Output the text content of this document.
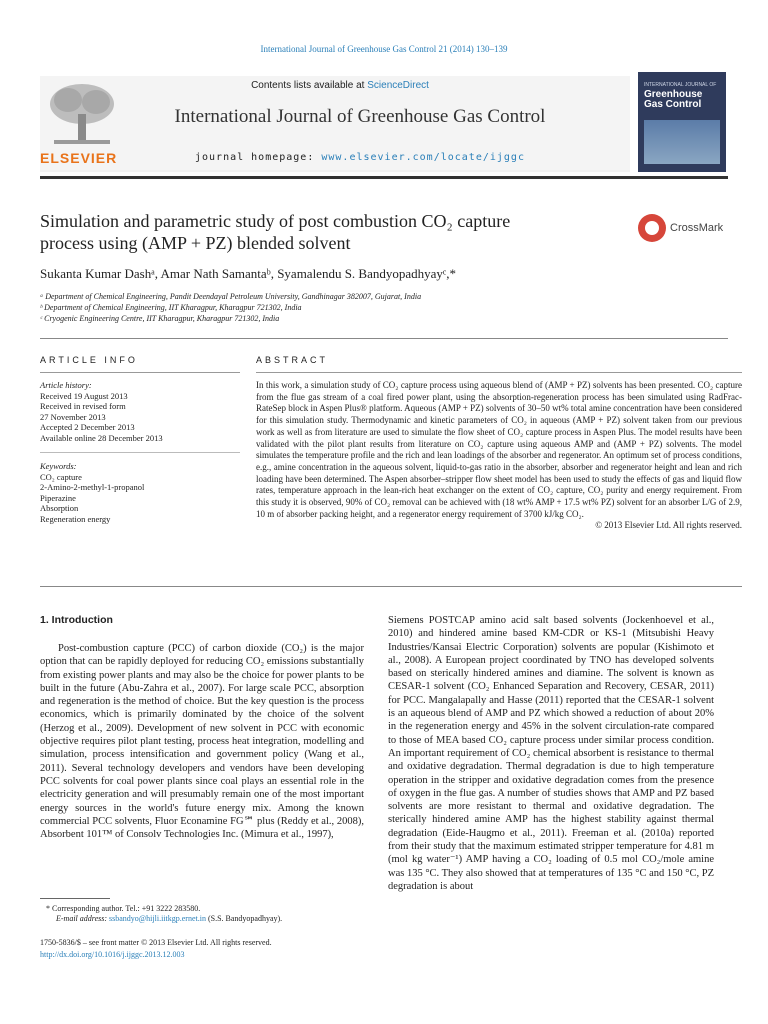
International Journal of Greenhouse Gas Control 21 (2014) 130–139
Contents lists available at ScienceDirect
International Journal of Greenhouse Gas Control
journal homepage: www.elsevier.com/locate/ijggc
ELSEVIER
INTERNATIONAL JOURNAL OF
Greenhouse
Gas Control
Simulation and parametric study of post combustion CO₂ capture
process using (AMP + PZ) blended solvent
CrossMark
Sukanta Kumar Dashᵃ, Amar Nath Samantaᵇ, Syamalendu S. Bandyopadhyayᶜ,*
ᵃ Department of Chemical Engineering, Pandit Deendayal Petroleum University, Gandhinagar 382007, Gujarat, India
ᵇ Department of Chemical Engineering, IIT Kharagpur, Kharagpur 721302, India
ᶜ Cryogenic Engineering Centre, IIT Kharagpur, Kharagpur 721302, India
ARTICLE INFO
Article history:
Received 19 August 2013
Received in revised form
27 November 2013
Accepted 2 December 2013
Available online 28 December 2013
Keywords:
CO₂ capture
2-Amino-2-methyl-1-propanol
Piperazine
Absorption
Regeneration energy
ABSTRACT
In this work, a simulation study of CO₂ capture process using aqueous blend of (AMP + PZ) solvents has been presented. CO₂ capture from the flue gas stream of a coal fired power plant, using the absorption-regeneration process has been simulated using RadFrac-RateSep block in Aspen Plus® platform. Aqueous (AMP + PZ) solvents of 30–50 wt% total amine concentration have been considered for this simulation study. Thermodynamic and kinetic parameters of CO₂ in aqueous (AMP + PZ) solvent taken from our previous work as well as from literature are used to simulate the flow sheet of CO₂ capture process in Aspen Plus. The model results have been validated with the pilot plant results from literature on CO₂ capture using aqueous AMP and (AMP + PZ) solvents. The model simulates the temperature profile and the rich and lean loadings of the absorber and regenerator. An optimum set of process conditions, e.g., amine concentration in the aqueous solvent, liquid-to-gas ratio in the absorber, absorber and regenerator height and lean and rich loading have been determined. The Aspen absorber–stripper flow sheet model has been used to study the effects of gas and liquid flow rates, temperature approach in the lean-rich heat exchanger on the extent of CO₂ capture, CO₂ purity and energy requirement. From this study it is observed, 90% of CO₂ removal can be achieved with (18 wt% AMP + 17.5 wt% PZ) solvent for an absorber L/G of 2.9, 10 m of absorber packing height, and a regenerator energy requirement of 3700 kJ/kg CO₂.
© 2013 Elsevier Ltd. All rights reserved.
1. Introduction
Post-combustion capture (PCC) of carbon dioxide (CO₂) is the major option that can be rapidly deployed for reducing CO₂ emissions substantially from existing power plants and may also be the choice for power plants to be built in the future (Abu-Zahra et al., 2007). For large scale PCC, absorption and regeneration is the method of choice. But the key question is the process economics, which is primarily dominated by the choice of the solvent (Herzog et al., 2009). Development of new solvent in PCC with economic objective requires pilot plant testing, process heat integration, modelling and simulation, process intensification and government policy (Wang et al., 2011). Several technology developers and vendors have been developing PCC solvents for coal power plants since coal plays an essential role in the electricity generation and will presumably remain one of the most important energy sources in the world's future energy mix. Among the known commercial PCC solvents, Fluor Econamine FG℠ plus (Reddy et al., 2008), Absorbent 101™ of Consolv Technologies Inc. (Mimura et al., 1997),
Siemens POSTCAP amino acid salt based solvents (Jockenhoevel et al., 2010) and hindered amine based KM-CDR or KS-1 (Mitsubishi Heavy Industries/Kansai Electric Corporation) solvents are popular (Kishimoto et al., 2008). A European project coordinated by TNO has developed solvents based on sterically hindered amines and diamine. The solvent is known as CESAR-1 solvent (CO₂ Enhanced Separation and Recovery, CESAR, 2011) for PCC. Mangalapally and Hasse (2011) reported that the CESAR-1 solvent is an aqueous blend of AMP and PZ which showed a reduction of about 20% in the regeneration energy and 45% in the solvent circulation-rate compared to those of MEA based CO₂ capture process under similar process condition. An important requirement of CO₂ chemical absorbent is resistance to thermal and oxidative degradation. Thermal degradation is due to high temperature operation in the stripper and oxidative degradation comes from the presence of oxygen in the flue gas. A number of studies shows that AMP and PZ based solvents are more resistant to thermal and oxidative degradation. The sterically hindered amine AMP has the highest stability against thermal degradation (Eide-Haugmo et al., 2011). Freeman et al. (2010a) reported from their study that the maximum estimated stripper temperature for 4.81 m (mol kg water⁻¹) AMP having a CO₂ loading of 0.5 mol CO₂/mole amine was 135 °C. They also showed that at temperatures of 135 °C and 150 °C, PZ degradation is about
* Corresponding author. Tel.: +91 3222 283580.
E-mail address: ssbandyo@hijli.iitkgp.ernet.in (S.S. Bandyopadhyay).
1750-5836/$ – see front matter © 2013 Elsevier Ltd. All rights reserved.
http://dx.doi.org/10.1016/j.ijggc.2013.12.003
